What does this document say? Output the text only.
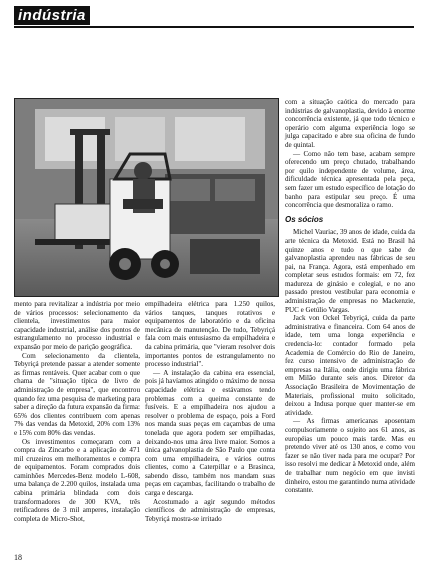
indústria

mento para revitalizar a indústria por meio de vários processos: selecionamento da clientela, investimentos para maior capacidade industrial, análise dos pontos de estrangulamento no processo industrial e expansão por meio de parição geográfica.

Com selecionamento da clientela, Tebyriçá pretende passar a atender somente as firmas rentáveis. Quer acabar com o que chama de "situação típica de livro de administração de empresa", que encontrou quando fez uma pesquisa de marketing para saber a direção da futura expansão da firma: 65% dos clientes contribuem com apenas 7% das vendas da Metoxid, 20% com 13% e 15% com 80% das vendas.

Os investimentos começaram com a compra da Zincarbo e a aplicação de 471 mil cruzeiros em melhoramentos e compra de equipamentos. Foram comprados dois caminhões Mercedes-Benz modelo L-608, uma balança de 2.200 quilos, instalada uma cabina primária blindada com dois transformadores de 300 KVA, três retificadores de 3 mil amperes, instalação completa de Micro-Shot,

empilhadeira elétrica para 1.250 quilos, vários tanques, tanques rotativos e equipamentos de laboratório e da oficina mecânica de manutenção. De tudo, Tebyriçá fala com mais entusiasmo da empilhadeira e da cabina primária, que "vieram resolver dois importantes pontos de estrangulamento no processo industrial".

— A instalação da cabina era essencial, pois já havíamos atingido o máximo de nossa capacidade elétrica e estávamos tendo problemas com a queima constante de fusíveis. E a empilhadeira nos ajudou a resolver o problema de espaço, pois a Ford nos manda suas peças em caçambas de uma tonelada que agora podem ser empilhadas, deixando-nos uma área livre maior. Somos a única galvanoplastia de São Paulo que conta com uma empilhadeira, e vários outros clientes, como a Caterpillar e a Brasinca, sabendo disso, também nos mandam suas peças em caçambas, facilitando o trabalho de carga e descarga.

Acostumado a agir segundo métodos científicos de administração de empresas, Tebyriçá mostra-se irritado

com a situação caótica do mercado para indústrias de galvanoplastia, devido à enorme concorrência existente, já que todo técnico e operário com alguma experiência logo se julga capacitado e abre sua oficina de fundo de quintal.

— Como não tem base, acabam sempre oferecendo um preço chutado, trabalhando por quilo independente de volume, área, dificuldade técnica apresentada pela peça, sem fazer um estudo específico de lotação do banho para estipular seu preço. É uma concorrência que desmoraliza o ramo.

Os sócios

Michel Vauriac, 39 anos de idade, cuida da arte técnica da Metoxid. Está no Brasil há quinze anos e tudo o que sabe de galvanoplastia aprendeu nas fábricas de seu pai, na França. Agora, está empenhado em completar seus estudos formais: em 72, fez madureza de ginásio e colegial, e no ano passado prestou vestibular para economia e administração de empresas no Mackenzie, PUC e Getúlio Vargas.

Jack von Ockel Tebyriçá, cuida da parte administrativa e financeira. Com 64 anos de idade, tem uma longa experiência e credencia-lo: contador formado pela Academia de Comércio do Rio de Janeiro, fez curso intensivo de administração de empresas na Itália, onde dirigiu uma fábrica em Milão durante seis anos. Diretor da Associação Brasileira de Movimentação de Materiais, profissional muito solicitado, deixou a Indusa porque quer manter-se em atividade.

— As firmas americanas aposentam compulsoriamente o sujeito aos 61 anos, as européias um pouco mais tarde. Mas eu pretendo viver até os 130 anos, e como vou fazer se não tiver nada para me ocupar? Por isso resolvi me dedicar à Metoxid onde, além de trabalhar num negócio em que invisti dinheiro, estou me garantindo numa atividade constante.

18
